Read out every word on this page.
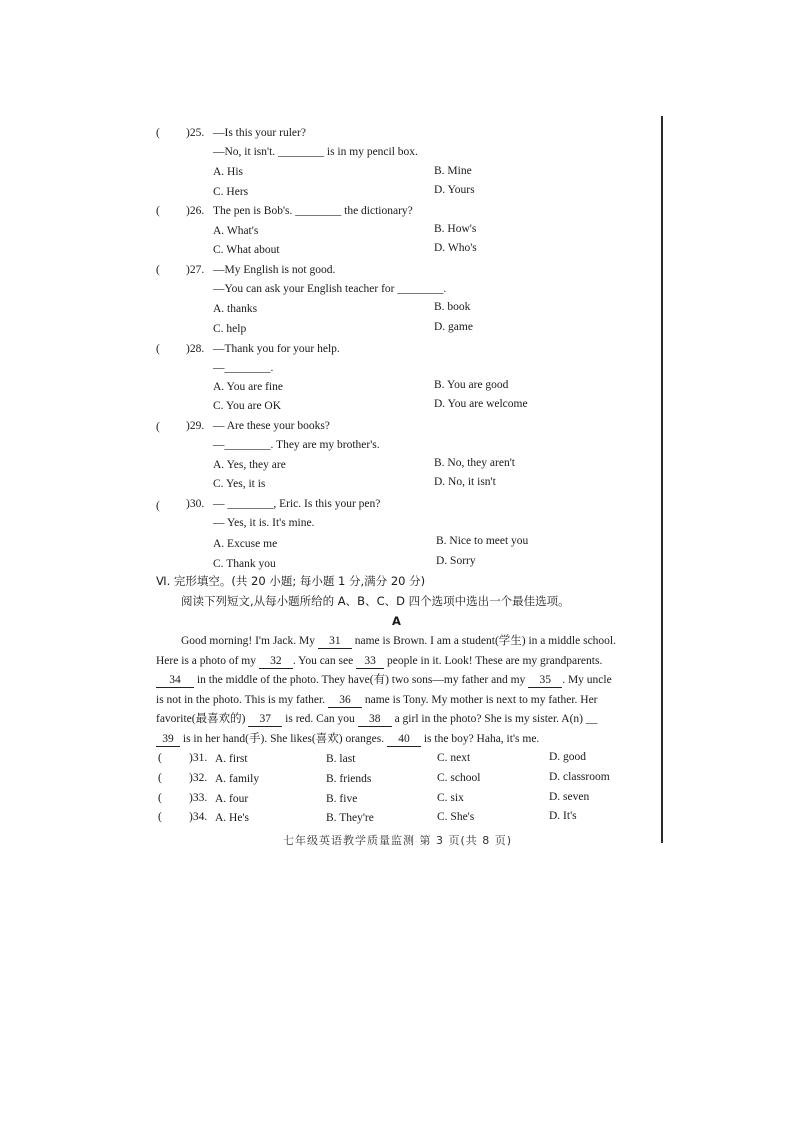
( )25. —Is this your ruler?
—No, it isn't. ________ is in my pencil box.
A. His	B. Mine
C. Hers	D. Yours
( )26. The pen is Bob's. ________ the dictionary?
A. What's	B. How's
C. What about	D. Who's
( )27. —My English is not good.
—You can ask your English teacher for ________.
A. thanks	B. book
C. help	D. game
( )28. —Thank you for your help.
—________.
A. You are fine	B. You are good
C. You are OK	D. You are welcome
( )29. — Are these your books?
—________. They are my brother's.
A. Yes, they are	B. No, they aren't
C. Yes, it is	D. No, it isn't
( )30. — ________, Eric. Is this your pen?
— Yes, it is. It's mine.
A. Excuse me	B. Nice to meet you
C. Thank you	D. Sorry
Ⅵ. 完形填空。(共 20 小题; 每小题 1 分,满分 20 分)
阅读下列短文,从每小题所给的 A、B、C、D 四个选项中选出一个最佳选项。
A

Good morning! I'm Jack. My 31 name is Brown. I am a student(学生) in a middle school.

Here is a photo of my 32 . You can see 33 people in it. Look! These are my grandparents.

34 in the middle of the photo. They have(有) two sons—my father and my 35 . My uncle

is not in the photo. This is my father. 36 name is Tony. My mother is next to my father. Her

favorite(最喜欢的) 37 is red. Can you 38 a girl in the photo? She is my sister. A(n) __

39 is in her hand(手). She likes(喜欢) oranges. 40 is the boy? Haha, it's me.

( )31. A. first	B. last	C. next	D. good
( )32. A. family	B. friends	C. school	D. classroom
( )33. A. four	B. five	C. six	D. seven
( )34. A. He's	B. They're	C. She's	D. It's
七年级英语教学质量监测 第 3 页(共 8 页)
